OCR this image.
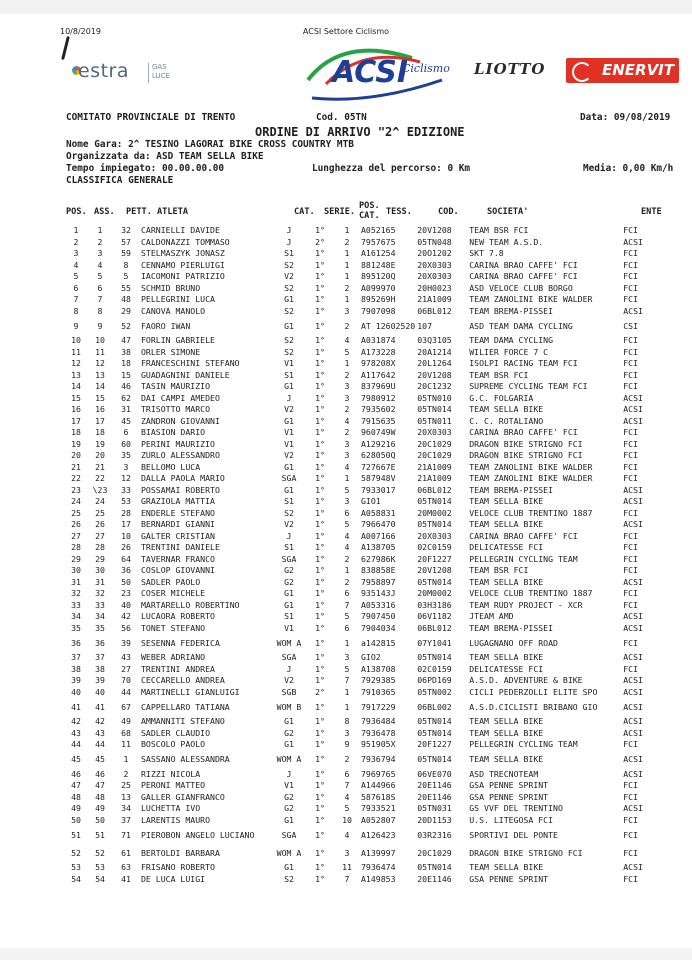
10/8/2019	ACSI Settore Ciclismo
estra	GAS
LUCE	ACSI
Ciclismo LIOTTO	ENERVIT
COMITATO PROVINCIALE DI TRENTO	Cod. 05TN	Data: 09/08/2019
ORDINE DI ARRIVO "2^ EDIZIONE
Nome Gara: 2^ TESINO LAGORAI BIKE CROSS COUNTRY MTB
Organizzata da: ASD TEAM SELLA BIKE
Tempo impiegato: 00.00.00.00	Lunghezza del percorso: 0 Km	Media: 0,00 Km/h
CLASSIFICA GENERALE
POS. ASS. PETT. ATLETA	CAT. SERIE.
POS.
CAT. TESS.	COD.	SOCIETA'	ENTE
1	1	32	CARNIELLI DAVIDE	J	1°	1	A052165	20V1208	TEAM BSR FCI	FCI
2	2	57	CALDONAZZI TOMMASO	J	2°	2	7957675	05TN048	NEW TEAM A.S.D.	ACSI
3	3	59	STELMASZYK JONASZ	S1	1°	1	A161254	20O1202	SKT 7.8	FCI
4	4	8	CENNAMO PIERLUIGI	S2	1°	1	881248E	20X0303	CARINA BRAO CAFFE' FCI	FCI
5	5	5	IACOMONI PATRIZIO	V2	1°	1	895120Q	20X0303	CARINA BRAO CAFFE' FCI	FCI
6	6	55	SCHMID BRUNO	S2	1°	2	A099970	20H0023	ASD VELOCE CLUB BORGO	FCI
7	7	48	PELLEGRINI LUCA	G1	1°	1	895269H	21A1009	TEAM ZANOLINI BIKE WALDER	FCI
8	8	29	CANOVA MANOLO	S2	1°	3	7907098	06BL012	TEAM BREMA-PISSEI	ACSI
9	9	52	FAORO IWAN	G1	1°	2	AT 12602520	107	ASD TEAM DAMA CYCLING	CSI
10	10	47	FORLIN GABRIELE	S2	1°	4	A031874	03Q3105	TEAM DAMA CYCLING	FCI
11	11	38	ORLER SIMONE	S2	1°	5	A173228	20A1214	WILIER FORCE 7 C	FCI
12	12	18	FRANCESCHINI STEFANO	V1	1°	1	978208X	20L1264	ISOLPI RACING TEAM FCI	FCI
13	13	15	GUADAGNINI DANIELE	S1	1°	2	A117642	20V1208	TEAM BSR FCI	FCI
14	14	46	TASIN MAURIZIO	G1	1°	3	837969U	20C1232	SUPREME CYCLING TEAM FCI	FCI
15	15	62	DAI CAMPI AMEDEO	J	1°	3	7980912	05TN010	G.C. FOLGARIA	ACSI
16	16	31	TRISOTTO MARCO	V2	1°	2	7935602	05TN014	TEAM SELLA BIKE	ACSI
17	17	45	ZANDRON GIOVANNI	G1	1°	4	7915635	05TN011	C. C. ROTALIANO	ACSI
18	18	6	BIASION DARIO	V1	1°	2	960749W	20X0303	CARINA BRAO CAFFE' FCI	FCI
19	19	60	PERINI MAURIZIO	V1	1°	3	A129216	20C1029	DRAGON BIKE STRIGNO FCI	FCI
20	20	35	ZURLO ALESSANDRO	V2	1°	3	628050Q	20C1029	DRAGON BIKE STRIGNO FCI	FCI
21	21	3	BELLOMO LUCA	G1	1°	4	727667E	21A1009	TEAM ZANOLINI BIKE WALDER	FCI
22	22	12	DALLA PAOLA MARIO	SGA	1°	1	587948V	21A1009	TEAM ZANOLINI BIKE WALDER	FCI
23	\23	33	POSSAMAI ROBERTO	G1	1°	5	7933017	06BL012	TEAM BREMA-PISSEI	ACSI
24	24	53	GRAZIOLA MATTIA	S1	1°	3	GIO1	05TN014	TEAM SELLA BIKE	ACSI
25	25	28	ENDERLE STEFANO	S2	1°	6	A058831	20M0002	VELOCE CLUB TRENTINO 1887	FCI
26	26	17	BERNARDI GIANNI	V2	1°	5	7966470	05TN014	TEAM SELLA BIKE	ACSI
27	27	10	GALTER CRISTIAN	J	1°	4	A007166	20X0303	CARINA BRAO CAFFE' FCI	FCI
28	28	26	TRENTINI DANIELE	S1	1°	4	A138705	02C0159	DELICATESSE FCI	FCI
29	29	64	TAVERNAR FRANCO	SGA	1°	2	627986K	20F1227	PELLEGRIN CYCLING TEAM	FCI
30	30	36	COSLOP GIOVANNI	G2	1°	1	838858E	20V1208	TEAM BSR FCI	FCI
31	31	50	SADLER PAOLO	G2	1°	2	7958897	05TN014	TEAM SELLA BIKE	ACSI
32	32	23	COSER MICHELE	G1	1°	6	935143J	20M0002	VELOCE CLUB TRENTINO 1887	FCI
33	33	40	MARTARELLO ROBERTINO	G1	1°	7	A053316	03H3186	TEAM RUDY PROJECT - XCR	FCI
34	34	42	LUCAORA ROBERTO	S1	1°	5	7907450	06V1182	JTEAM AMD	ACSI
35	35	56	TONET STEFANO	V1	1°	6	7904034	06BL012	TEAM BREMA-PISSEI	ACSI
36	36	39	SESENNA FEDERICA	WOM A	1°	1	a142815	07Y1041	LUGAGNANO OFF ROAD	FCI
37	37	43	WEBER ADRIANO	SGA	1°	3	GIO2	05TN014	TEAM SELLA BIKE	ACSI
38	38	27	TRENTINI ANDREA	J	1°	5	A138708	02C0159	DELICATESSE FCI	FCI
39	39	70	CECCARELLO ANDREA	V2	1°	7	7929385	06PD169	A.S.D. ADVENTURE & BIKE	ACSI
40	40	44	MARTINELLI GIANLUIGI	SGB	2°	1	7910365	05TN002	CICLI PEDERZOLLI ELITE SPO	ACSI
41	41	67	CAPPELLARO TATIANA	WOM B	1°	1	7917229	06BL002	A.S.D.CICLISTI BRIBANO GIO	ACSI
42	42	49	AMMANNITI STEFANO	G1	1°	8	7936484	05TN014	TEAM SELLA BIKE	ACSI
43	43	68	SADLER CLAUDIO	G2	1°	3	7936478	05TN014	TEAM SELLA BIKE	ACSI
44	44	11	BOSCOLO PAOLO	G1	1°	9	951905X	20F1227	PELLEGRIN CYCLING TEAM	FCI
45	45	1	SASSANO ALESSANDRA	WOM A	1°	2	7936794	05TN014	TEAM SELLA BIKE	ACSI
46	46	2	RIZZI NICOLA	J	1°	6	7969765	06VE070	ASD TRECNOTEAM	ACSI
47	47	25	PERONI MATTEO	V1	1°	7	A144966	20E1146	GSA PENNE SPRINT	FCI
48	48	13	GALLER GIANFRANCO	G2	1°	4	587618S	20E1146	GSA PENNE SPRINT	FCI
49	49	34	LUCHETTA IVO	G2	1°	5	7933521	05TN031	GS VVF DEL TRENTINO	ACSI
50	50	37	LARENTIS MAURO	G1	1°	10	A052807	20D1153	U.S. LITEGOSA FCI	FCI
51	51	71	PIEROBON ANGELO LUCIANO	SGA	1°	4	A126423	03R2316	SPORTIVI DEL PONTE	FCI
52	52	61	BERTOLDI BARBARA	WOM A	1°	3	A139997	20C1029	DRAGON BIKE STRIGNO FCI	FCI
53	53	63	FRISANO ROBERTO	G1	1°	11	7936474	05TN014	TEAM SELLA BIKE	ACSI
54	54	41	DE LUCA LUIGI	S2	1°	7	A149853	20E1146	GSA PENNE SPRINT	FCI
